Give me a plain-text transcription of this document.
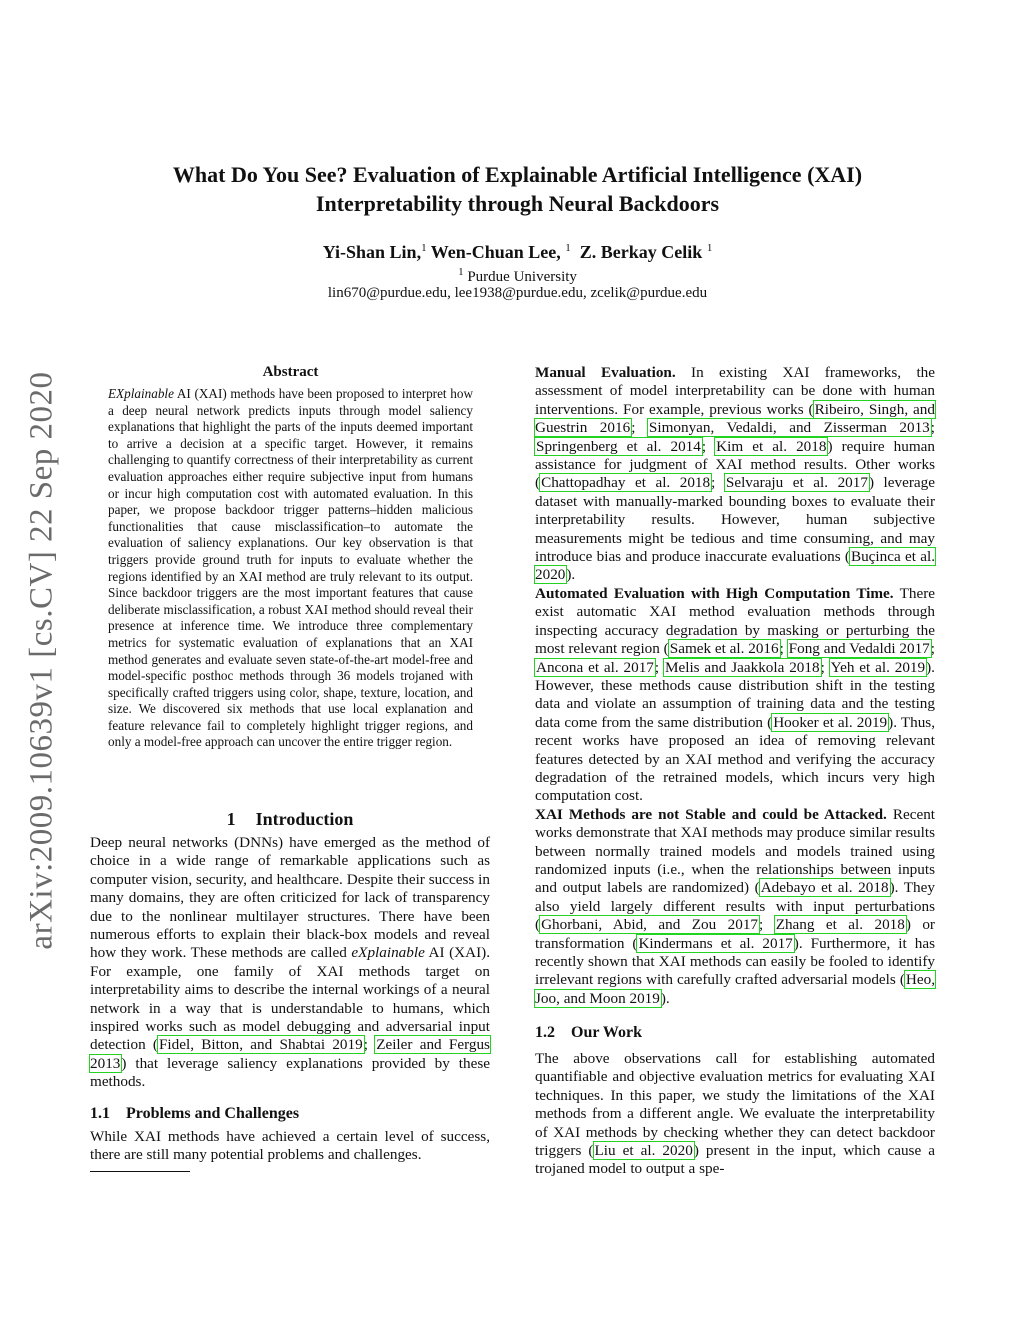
arXiv:2009.10639v1 [cs.CV] 22 Sep 2020
What Do You See? Evaluation of Explainable Artificial Intelligence (XAI)
Interpretability through Neural Backdoors
Yi-Shan Lin,$^1$ Wen-Chuan Lee, $^1$ Z. Berkay Celik $^1$
$^1$ Purdue University
lin670@purdue.edu, lee1938@purdue.edu, zcelik@purdue.edu
Abstract

EXplainable AI (XAI) methods have been proposed to interpret how a deep neural network predicts inputs through model saliency explanations that highlight the parts of the inputs deemed important to arrive a decision at a specific target. However, it remains challenging to quantify correctness of their interpretability as current evaluation approaches either require subjective input from humans or incur high computation cost with automated evaluation. In this paper, we propose backdoor trigger patterns–hidden malicious functionalities that cause misclassification–to automate the evaluation of saliency explanations. Our key observation is that triggers provide ground truth for inputs to evaluate whether the regions identified by an XAI method are truly relevant to its output. Since backdoor triggers are the most important features that cause deliberate misclassification, a robust XAI method should reveal their presence at inference time. We introduce three complementary metrics for systematic evaluation of explanations that an XAI method generates and evaluate seven state-of-the-art model-free and model-specific posthoc methods through 36 models trojaned with specifically crafted triggers using color, shape, texture, location, and size. We discovered six methods that use local explanation and feature relevance fail to completely highlight trigger regions, and only a model-free approach can uncover the entire trigger region.

1 Introduction

Deep neural networks (DNNs) have emerged as the method of choice in a wide range of remarkable applications such as computer vision, security, and healthcare. Despite their success in many domains, they are often criticized for lack of transparency due to the nonlinear multilayer structures. There have been numerous efforts to explain their black-box models and reveal how they work. These methods are called eXplainable AI (XAI). For example, one family of XAI methods target on interpretability aims to describe the internal workings of a neural network in a way that is understandable to humans, which inspired works such as model debugging and adversarial input detection (Fidel, Bitton, and Shabtai 2019; Zeiler and Fergus 2013) that leverage saliency explanations provided by these methods.

1.1 Problems and Challenges

While XAI methods have achieved a certain level of success, there are still many potential problems and challenges.

Manual Evaluation. In existing XAI frameworks, the assessment of model interpretability can be done with human interventions. For example, previous works (Ribeiro, Singh, and Guestrin 2016; Simonyan, Vedaldi, and Zisserman 2013; Springenberg et al. 2014; Kim et al. 2018) require human assistance for judgment of XAI method results. Other works (Chattopadhay et al. 2018; Selvaraju et al. 2017) leverage dataset with manually-marked bounding boxes to evaluate their interpretability results. However, human subjective measurements might be tedious and time consuming, and may introduce bias and produce inaccurate evaluations (Buçinca et al. 2020).

Automated Evaluation with High Computation Time. There exist automatic XAI method evaluation methods through inspecting accuracy degradation by masking or perturbing the most relevant region (Samek et al. 2016; Fong and Vedaldi 2017; Ancona et al. 2017; Melis and Jaakkola 2018; Yeh et al. 2019). However, these methods cause distribution shift in the testing data and violate an assumption of training data and the testing data come from the same distribution (Hooker et al. 2019). Thus, recent works have proposed an idea of removing relevant features detected by an XAI method and verifying the accuracy degradation of the retrained models, which incurs very high computation cost.

XAI Methods are not Stable and could be Attacked. Recent works demonstrate that XAI methods may produce similar results between normally trained models and models trained using randomized inputs (i.e., when the relationships between inputs and output labels are randomized) (Adebayo et al. 2018). They also yield largely different results with input perturbations (Ghorbani, Abid, and Zou 2017; Zhang et al. 2018) or transformation (Kindermans et al. 2017). Furthermore, it has recently shown that XAI methods can easily be fooled to identify irrelevant regions with carefully crafted adversarial models (Heo, Joo, and Moon 2019).

1.2 Our Work

The above observations call for establishing automated quantifiable and objective evaluation metrics for evaluating XAI techniques. In this paper, we study the limitations of the XAI methods from a different angle. We evaluate the interpretability of XAI methods by checking whether they can detect backdoor triggers (Liu et al. 2020) present in the input, which cause a trojaned model to output a spe-
